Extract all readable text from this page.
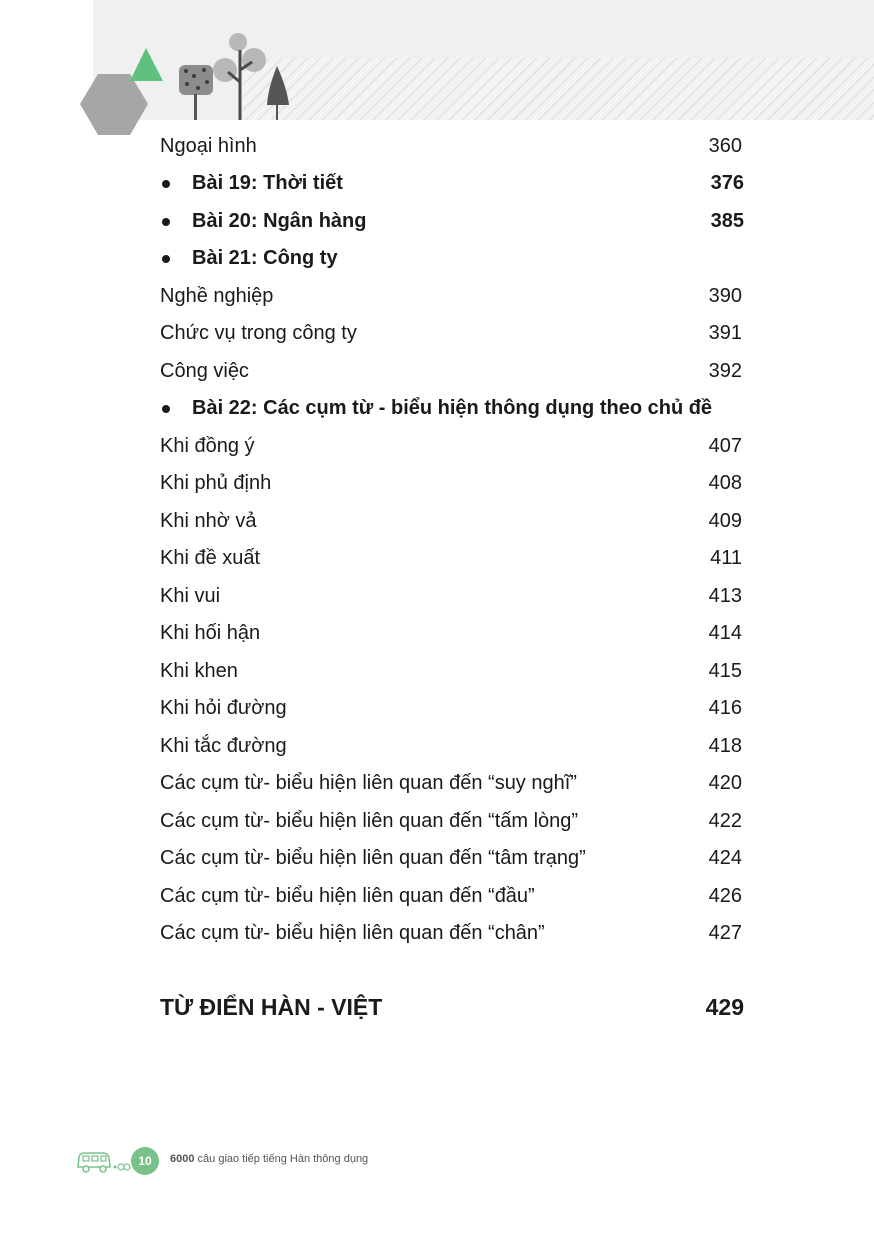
Ngoại hình	360
Bài 19: Thời tiết	376
Bài 20: Ngân hàng	385
Bài 21: Công ty
Nghề nghiệp	390
Chức vụ trong công ty	391
Công việc	392
Bài 22: Các cụm từ - biểu hiện thông dụng theo chủ đề
Khi đồng ý	407
Khi phủ định	408
Khi nhờ vả	409
Khi đề xuất	411
Khi vui	413
Khi hối hận	414
Khi khen	415
Khi hỏi đường	416
Khi tắc đường	418
Các cụm từ- biểu hiện liên quan đến “suy nghĩ”	420
Các cụm từ- biểu hiện liên quan đến “tấm lòng”	422
Các cụm từ- biểu hiện liên quan đến “tâm trạng”	424
Các cụm từ- biểu hiện liên quan đến “đầu”	426
Các cụm từ- biểu hiện liên quan đến “chân”	427
TỪ ĐIỂN HÀN - VIỆT	429
10	6000 câu giao tiếp tiếng Hàn thông dụng
